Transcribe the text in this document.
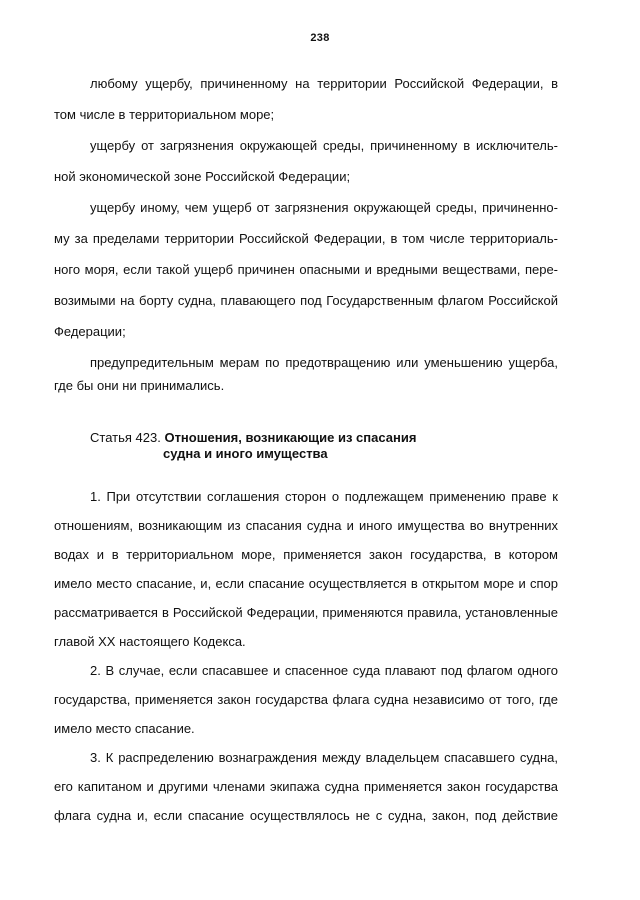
238
любому ущербу, причиненному на территории Российской Федерации, в
том числе в территориальном море;
ущербу от загрязнения окружающей среды, причиненному в исключитель-
ной экономической зоне Российской Федерации;
ущербу иному, чем ущерб от загрязнения окружающей среды, причиненно-
му за пределами территории Российской Федерации, в том числе территориаль-
ного моря, если такой ущерб причинен опасными и вредными веществами, пере-
возимыми на борту судна, плавающего под Государственным флагом Российской
Федерации;
предупредительным мерам по предотвращению или уменьшению ущерба,
где бы они ни принимались.
Статья 423. Отношения, возникающие из спасания
судна и иного имущества
1. При отсутствии соглашения сторон о подлежащем применению праве к
отношениям, возникающим из спасания судна и иного имущества во внутренних
водах и в территориальном море, применяется закон государства, в котором
имело место спасание, и, если спасание осуществляется в открытом море и спор
рассматривается в Российской Федерации, применяются правила, установленные
главой XX настоящего Кодекса.
2. В случае, если спасавшее и спасенное суда плавают под флагом одного
государства, применяется закон государства флага судна независимо от того, где
имело место спасание.
3. К распределению вознаграждения между владельцем спасавшего судна,
его капитаном и другими членами экипажа судна применяется закон государства
флага судна и, если спасание осуществлялось не с судна, закон, под действие
